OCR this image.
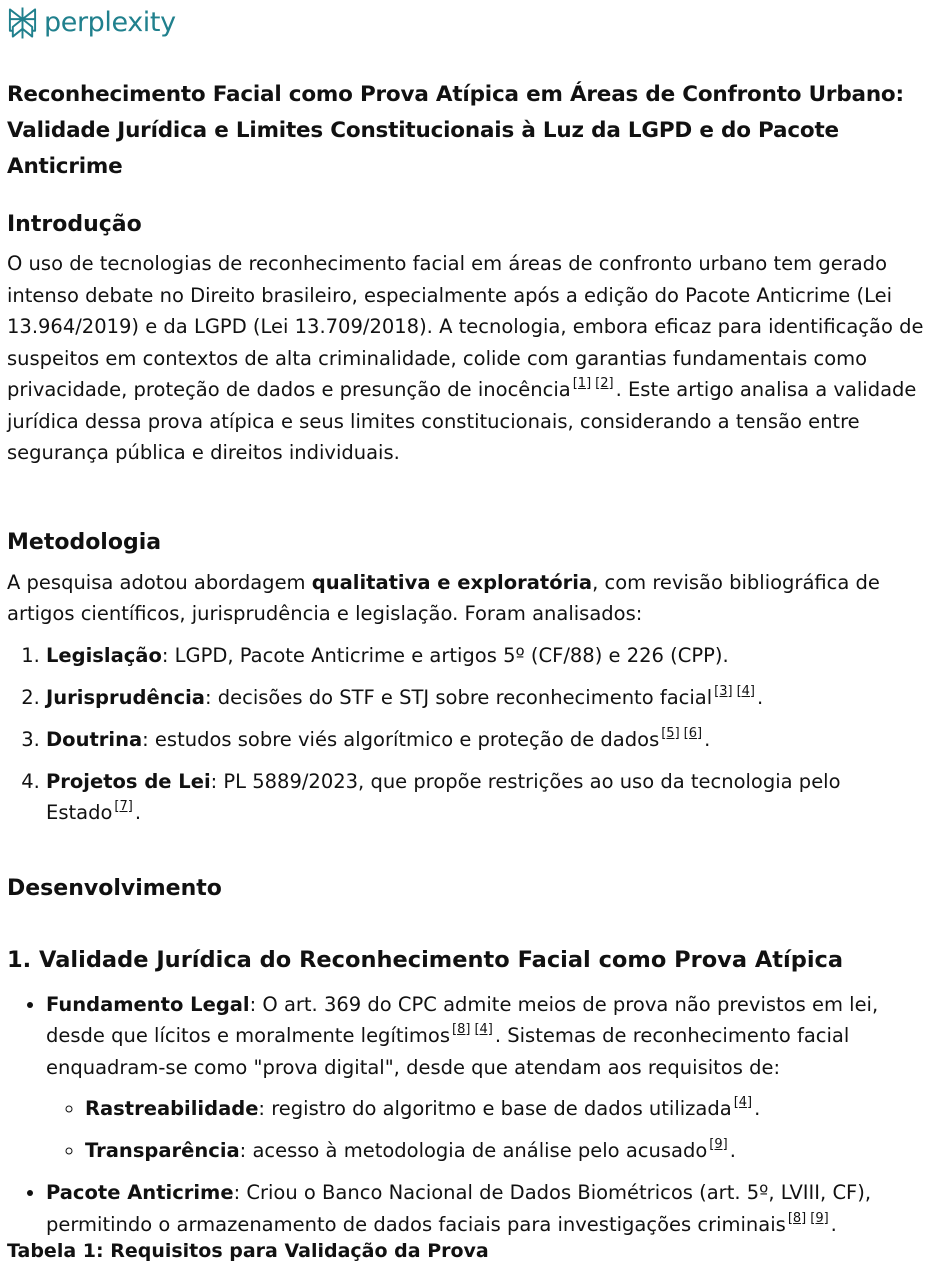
perplexity
Reconhecimento Facial como Prova Atípica em Áreas de Confronto Urbano: Validade Jurídica e Limites Constitucionais à Luz da LGPD e do Pacote Anticrime
Introdução

O uso de tecnologias de reconhecimento facial em áreas de confronto urbano tem gerado intenso debate no Direito brasileiro, especialmente após a edição do Pacote Anticrime (Lei 13.964/2019) e da LGPD (Lei 13.709/2018). A tecnologia, embora eficaz para identificação de suspeitos em contextos de alta criminalidade, colide com garantias fundamentais como privacidade, proteção de dados e presunção de inocência [1] [2] . Este artigo analisa a validade jurídica dessa prova atípica e seus limites constitucionais, considerando a tensão entre segurança pública e direitos individuais.

Metodologia

A pesquisa adotou abordagem qualitativa e exploratória, com revisão bibliográfica de artigos científicos, jurisprudência e legislação. Foram analisados:

1. Legislação: LGPD, Pacote Anticrime e artigos 5º (CF/88) e 226 (CPP).
2. Jurisprudência: decisões do STF e STJ sobre reconhecimento facial [3] [4] .
3. Doutrina: estudos sobre viés algorítmico e proteção de dados [5] [6] .
4. Projetos de Lei: PL 5889/2023, que propõe restrições ao uso da tecnologia pelo Estado [7] .
Desenvolvimento
1. Validade Jurídica do Reconhecimento Facial como Prova Atípica
• Fundamento Legal: O art. 369 do CPC admite meios de prova não previstos em lei, desde que lícitos e moralmente legítimos [8] [4] . Sistemas de reconhecimento facial enquadram-se como "prova digital", desde que atendam aos requisitos de:
◦ Rastreabilidade: registro do algoritmo e base de dados utilizada [4] .
◦ Transparência: acesso à metodologia de análise pelo acusado [9] .
• Pacote Anticrime: Criou o Banco Nacional de Dados Biométricos (art. 5º, LVIII, CF), permitindo o armazenamento de dados faciais para investigações criminais [8] [9] .

Tabela 1: Requisitos para Validação da Prova
